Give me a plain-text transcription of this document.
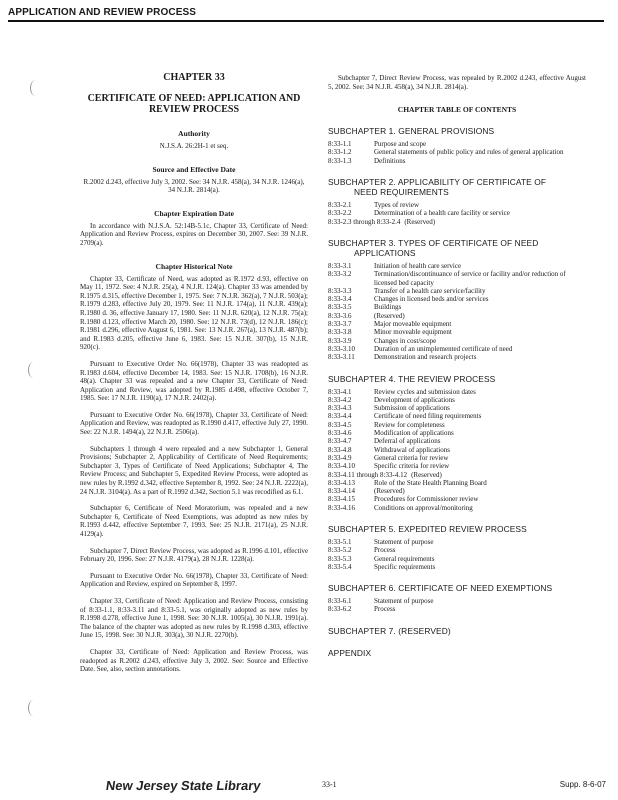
APPLICATION AND REVIEW PROCESS
CHAPTER 33
CERTIFICATE OF NEED: APPLICATION AND REVIEW PROCESS
Authority
N.J.S.A. 26:2H-1 et seq.
Source and Effective Date
R.2002 d.243, effective July 3, 2002. See: 34 N.J.R. 458(a), 34 N.J.R. 1246(a), 34 N.J.R. 2814(a).
Chapter Expiration Date
In accordance with N.J.S.A. 52:14B-5.1c, Chapter 33, Certificate of Need: Application and Review Process, expires on December 30, 2007. See: 39 N.J.R. 2709(a).
Chapter Historical Note
Chapter 33, Certificate of Need, was adopted as R.1972 d.93, effective on May 11, 1972. See: 4 N.J.R. 25(a), 4 N.J.R. 124(a). Chapter 33 was amended by R.1975 d.315, effective December 1, 1975. See: 7 N.J.R. 362(a), 7 N.J.R. 503(a); R.1979 d.283, effective July 20, 1979. See: 11 N.J.R. 174(a), 11 N.J.R. 439(a); R.1980 d. 36, effective January 17, 1980. See: 11 N.J.R. 620(a), 12 N.J.R. 75(a); R.1980 d.123, effective March 20, 1980. See: 12 N.J.R. 73(d), 12 N.J.R. 186(c); R.1981 d.296, effective August 6, 1981. See: 13 N.J.R. 267(a), 13 N.J.R. 487(b); and R.1983 d.205, effective June 6, 1983. See: 15 N.J.R. 307(b), 15 N.J.R. 920(c).
Pursuant to Executive Order No. 66(1978), Chapter 33 was readopted as R.1983 d.604, effective December 14, 1983. See: 15 N.J.R. 1708(b), 16 N.J.R. 48(a). Chapter 33 was repealed and a new Chapter 33, Certificate of Need: Application and Review, was adopted by R.1985 d.498, effective October 7, 1985. See: 17 N.J.R. 1190(a), 17 N.J.R. 2402(a).
Pursuant to Executive Order No. 66(1978), Chapter 33, Certificate of Need: Application and Review, was readopted as R.1990 d.417, effective July 27, 1990. See: 22 N.J.R. 1494(a), 22 N.J.R. 2506(a).
Subchapters 1 through 4 were repealed and a new Subchapter 1, General Provisions; Subchapter 2, Applicability of Certificate of Need Requirements; Subchapter 3, Types of Certificate of Need Applications; Subchapter 4, The Review Process; and Subchapter 5, Expedited Review Process, were adopted as new rules by R.1992 d.342, effective September 8, 1992. See: 24 N.J.R. 2222(a), 24 N.J.R. 3104(a). As a part of R.1992 d.342, Section 5.1 was recodified as 6.1.
Subchapter 6, Certificate of Need Moratorium, was repealed and a new Subchapter 6, Certificate of Need Exemptions, was adopted as new rules by R.1993 d.442, effective September 7, 1993. See: 25 N.J.R. 2171(a), 25 N.J.R. 4129(a).
Subchapter 7, Direct Review Process, was adopted as R.1996 d.101, effective February 20, 1996. See: 27 N.J.R. 4179(a), 28 N.J.R. 1228(a).
Pursuant to Executive Order No. 66(1978), Chapter 33, Certificate of Need: Application and Review, expired on September 8, 1997.
Chapter 33, Certificate of Need: Application and Review Process, consisting of 8:33-1.1, 8:33-3.11 and 8:33-5.1, was originally adopted as new rules by R.1998 d.278, effective June 1, 1998. See: 30 N.J.R. 1005(a), 30 N.J.R. 1991(a). The balance of the chapter was adopted as new rules by R.1998 d.303, effective June 15, 1998. See: 30 N.J.R. 303(a), 30 N.J.R. 2270(b).
Chapter 33, Certificate of Need: Application and Review Process, was readopted as R.2002 d.243, effective July 3, 2002. See: Source and Effective Date. See, also, section annotations.
Subchapter 7, Direct Review Process, was repealed by R.2002 d.243, effective August 5, 2002. See: 34 N.J.R. 458(a), 34 N.J.R. 2814(a).
CHAPTER TABLE OF CONTENTS
SUBCHAPTER 1. GENERAL PROVISIONS
8:33-1.1	Purpose and scope
8:33-1.2	General statements of public policy and rules of general application
8:33-1.3	Definitions
SUBCHAPTER 2. APPLICABILITY OF CERTIFICATE OF
NEED REQUIREMENTS
8:33-2.1	Types of review
8:33-2.2	Determination of a health care facility or service
8:33-2.3 through 8:33-2.4 (Reserved)
SUBCHAPTER 3. TYPES OF CERTIFICATE OF NEED
APPLICATIONS
8:33-3.1	Initiation of health care service
8:33-3.2	Termination/discontinuance of service or facility and/or reduction of licensed bed capacity
8:33-3.3	Transfer of a health care service/facility
8:33-3.4	Changes in licensed beds and/or services
8:33-3.5	Buildings
8:33-3.6	(Reserved)
8:33-3.7	Major moveable equipment
8:33-3.8	Minor moveable equipment
8:33-3.9	Changes in cost/scope
8:33-3.10	Duration of an unimplemented certificate of need
8:33-3.11	Demonstration and research projects
SUBCHAPTER 4. THE REVIEW PROCESS
8:33-4.1	Review cycles and submission dates
8:33-4.2	Development of applications
8:33-4.3	Submission of applications
8:33-4.4	Certificate of need filing requirements
8:33-4.5	Review for completeness
8:33-4.6	Modification of applications
8:33-4.7	Deferral of applications
8:33-4.8	Withdrawal of applications
8:33-4.9	General criteria for review
8:33-4.10	Specific criteria for review
8:33-4.11 through 8:33-4.12 (Reserved)
8:33-4.13	Role of the State Health Planning Board
8:33-4.14	(Reserved)
8:33-4.15	Procedures for Commissioner review
8:33-4.16	Conditions on approval/monitoring
SUBCHAPTER 5. EXPEDITED REVIEW PROCESS
8:33-5.1	Statement of purpose
8:33-5.2	Process
8:33-5.3	General requirements
8:33-5.4	Specific requirements
SUBCHAPTER 6. CERTIFICATE OF NEED EXEMPTIONS
8:33-6.1	Statement of purpose
8:33-6.2	Process
SUBCHAPTER 7. (RESERVED)
APPENDIX
New Jersey State Library	33-1	Supp. 8-6-07
